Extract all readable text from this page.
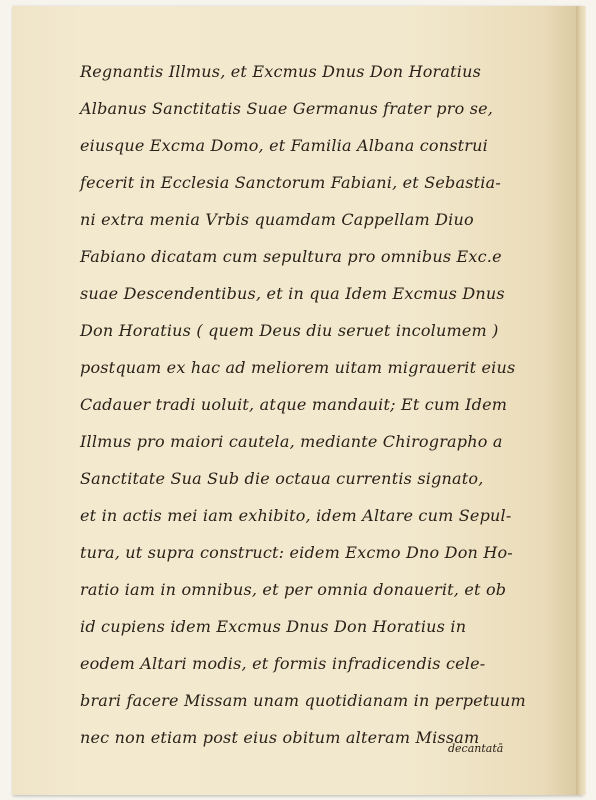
Regnantis Illmus, et Excmus Dnus Don Horatius
Albanus Sanctitatis Suae Germanus frater pro se,
eiusque Excma Domo, et Familia Albana construi
fecerit in Ecclesia Sanctorum Fabiani, et Sebastia-
ni extra menia Vrbis quamdam Cappellam Diuo
Fabiano dicatam cum sepultura pro omnibus Exc.e
suae Descendentibus, et in qua Idem Excmus Dnus
Don Horatius ( quem Deus diu seruet incolumem )
postquam ex hac ad meliorem uitam migrauerit eius
Cadauer tradi uoluit, atque mandauit; Et cum Idem
Illmus pro maiori cautela, mediante Chirographo a
Sanctitate Sua Sub die octaua currentis signato,
et in actis mei iam exhibito, idem Altare cum Sepul-
tura, ut supra construct: eidem Excmo Dno Don Ho-
ratio iam in omnibus, et per omnia donauerit, et ob
id cupiens idem Excmus Dnus Don Horatius in
eodem Altari modis, et formis infradicendis cele-
brari facere Missam unam quotidianam in perpetuum
nec non etiam post eius obitum alteram Missam
decantatā
